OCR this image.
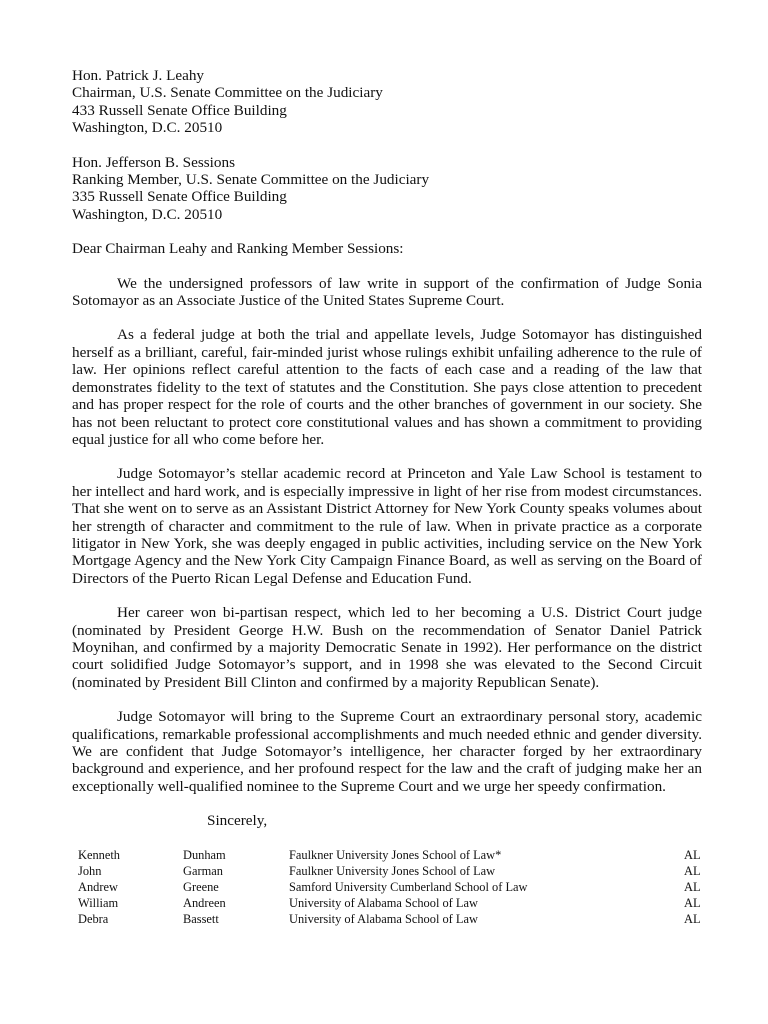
Hon. Patrick J. Leahy
Chairman, U.S. Senate Committee on the Judiciary
433 Russell Senate Office Building
Washington, D.C. 20510
Hon. Jefferson B. Sessions
Ranking Member, U.S. Senate Committee on the Judiciary
335 Russell Senate Office Building
Washington, D.C. 20510
Dear Chairman Leahy and Ranking Member Sessions:

We the undersigned professors of law write in support of the confirmation of Judge Sonia Sotomayor as an Associate Justice of the United States Supreme Court.

As a federal judge at both the trial and appellate levels, Judge Sotomayor has distinguished herself as a brilliant, careful, fair-minded jurist whose rulings exhibit unfailing adherence to the rule of law. Her opinions reflect careful attention to the facts of each case and a reading of the law that demonstrates fidelity to the text of statutes and the Constitution. She pays close attention to precedent and has proper respect for the role of courts and the other branches of government in our society. She has not been reluctant to protect core constitutional values and has shown a commitment to providing equal justice for all who come before her.

Judge Sotomayor’s stellar academic record at Princeton and Yale Law School is testament to her intellect and hard work, and is especially impressive in light of her rise from modest circumstances. That she went on to serve as an Assistant District Attorney for New York County speaks volumes about her strength of character and commitment to the rule of law. When in private practice as a corporate litigator in New York, she was deeply engaged in public activities, including service on the New York Mortgage Agency and the New York City Campaign Finance Board, as well as serving on the Board of Directors of the Puerto Rican Legal Defense and Education Fund.

Her career won bi-partisan respect, which led to her becoming a U.S. District Court judge (nominated by President George H.W. Bush on the recommendation of Senator Daniel Patrick Moynihan, and confirmed by a majority Democratic Senate in 1992). Her performance on the district court solidified Judge Sotomayor’s support, and in 1998 she was elevated to the Second Circuit (nominated by President Bill Clinton and confirmed by a majority Republican Senate).

Judge Sotomayor will bring to the Supreme Court an extraordinary personal story, academic qualifications, remarkable professional accomplishments and much needed ethnic and gender diversity. We are confident that Judge Sotomayor’s intelligence, her character forged by her extraordinary background and experience, and her profound respect for the law and the craft of judging make her an exceptionally well-qualified nominee to the Supreme Court and we urge her speedy confirmation.

Sincerely,
Kenneth	Dunham	Faulkner University Jones School of Law*	AL
John	Garman	Faulkner University Jones School of Law	AL
Andrew	Greene	Samford University Cumberland School of Law	AL
William	Andreen	University of Alabama School of Law	AL
Debra	Bassett	University of Alabama School of Law	AL
